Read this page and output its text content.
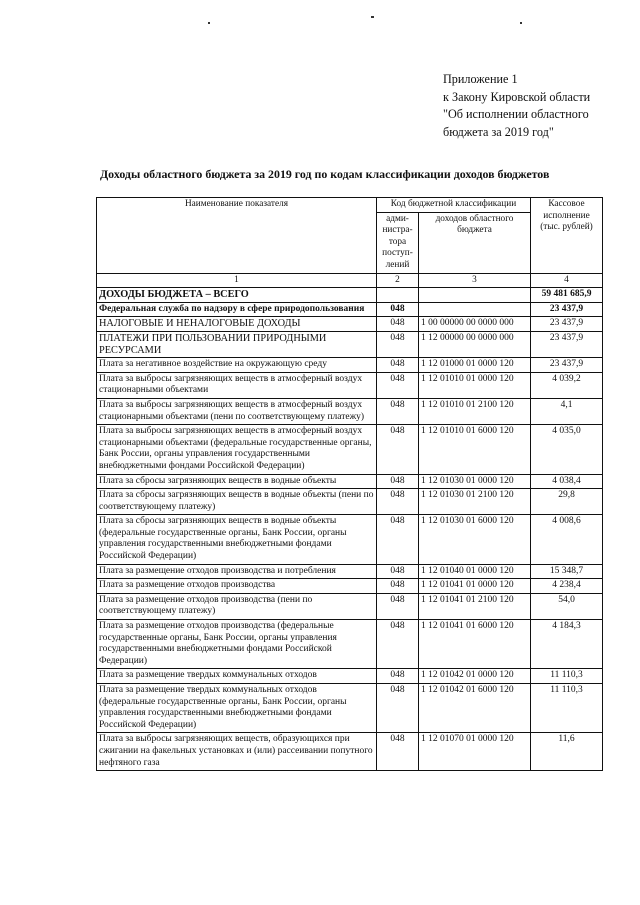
Приложение 1
к Закону Кировской области
"Об исполнении областного
бюджета за 2019 год"
Доходы областного бюджета за 2019 год по кодам классификации доходов бюджетов
Наименование показателя	Код бюджетной классификации		Кассовое исполнение (тыс. рублей)
	адми-нистра-тора поступ-лений	доходов областного бюджета	
1	2	3	4
ДОХОДЫ БЮДЖЕТА – ВСЕГО			59 481 685,9
Федеральная служба по надзору в сфере природопользования	048		23 437,9
НАЛОГОВЫЕ И НЕНАЛОГОВЫЕ ДОХОДЫ	048	1 00 00000 00 0000 000	23 437,9
ПЛАТЕЖИ ПРИ ПОЛЬЗОВАНИИ ПРИРОДНЫМИ РЕСУРСАМИ	048	1 12 00000 00 0000 000	23 437,9
Плата за негативное воздействие на окружающую среду	048	1 12 01000 01 0000 120	23 437,9
Плата за выбросы загрязняющих веществ в атмосферный воздух стационарными объектами	048	1 12 01010 01 0000 120	4 039,2
Плата за выбросы загрязняющих веществ в атмосферный воздух стационарными объектами (пени по соответствующему платежу)	048	1 12 01010 01 2100 120	4,1
Плата за выбросы загрязняющих веществ в атмосферный воздух стационарными объектами (федеральные государственные органы, Банк России, органы управления государственными внебюджетными фондами Российской Федерации)	048	1 12 01010 01 6000 120	4 035,0
Плата за сбросы загрязняющих веществ в водные объекты	048	1 12 01030 01 0000 120	4 038,4
Плата за сбросы загрязняющих веществ в водные объекты (пени по соответствующему платежу)	048	1 12 01030 01 2100 120	29,8
Плата за сбросы загрязняющих веществ в водные объекты (федеральные государственные органы, Банк России, органы управления государственными внебюджетными фондами Российской Федерации)	048	1 12 01030 01 6000 120	4 008,6
Плата за размещение отходов производства и потребления	048	1 12 01040 01 0000 120	15 348,7
Плата за размещение отходов производства	048	1 12 01041 01 0000 120	4 238,4
Плата за размещение отходов производства (пени по соответствующему платежу)	048	1 12 01041 01 2100 120	54,0
Плата за размещение отходов производства (федеральные государственные органы, Банк России, органы управления государственными внебюджетными фондами Российской Федерации)	048	1 12 01041 01 6000 120	4 184,3
Плата за размещение твердых коммунальных отходов	048	1 12 01042 01 0000 120	11 110,3
Плата за размещение твердых коммунальных отходов (федеральные государственные органы, Банк России, органы управления государственными внебюджетными фондами Российской Федерации)	048	1 12 01042 01 6000 120	11 110,3
Плата за выбросы загрязняющих веществ, образующихся при сжигании на факельных установках и (или) рассеивании попутного нефтяного газа	048	1 12 01070 01 0000 120	11,6
